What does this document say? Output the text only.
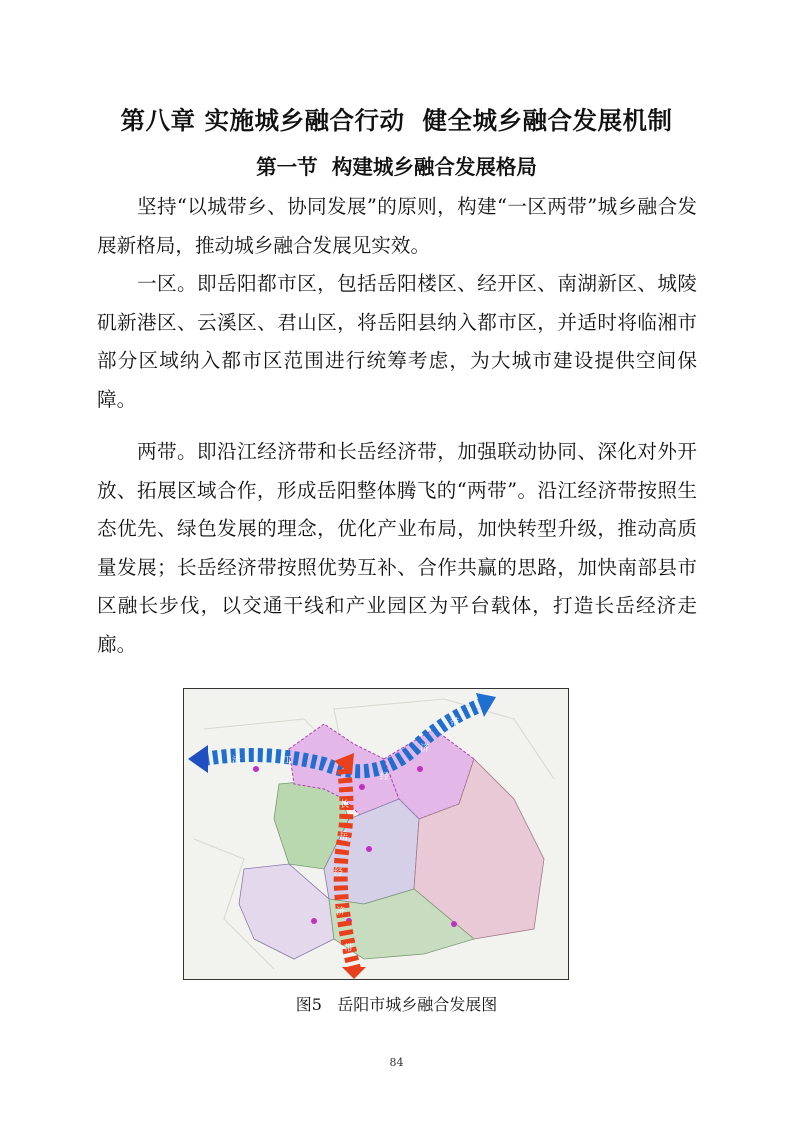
第八章 实施城乡融合行动  健全城乡融合发展机制
第一节  构建城乡融合发展格局

坚持“以城带乡、协同发展”的原则，构建“一区两带”城乡融合发展新格局，推动城乡融合发展见实效。

一区。即岳阳都市区，包括岳阳楼区、经开区、南湖新区、城陵矶新港区、云溪区、君山区，将岳阳县纳入都市区，并适时将临湘市部分区域纳入都市区范围进行统筹考虑，为大城市建设提供空间保障。

两带。即沿江经济带和长岳经济带，加强联动协同、深化对外开放、拓展区域合作，形成岳阳整体腾飞的“两带”。沿江经济带按照生态优先、绿色发展的理念，优化产业布局，加快转型升级，推动高质量发展；长岳经济带按照优势互补、合作共赢的思路，加快南部县市区融长步伐，以交通干线和产业园区为平台载体，打造长岳经济走廊。

沿	江
经
济
带
长
岳
经
济
带
图5   岳阳市城乡融合发展图
84
